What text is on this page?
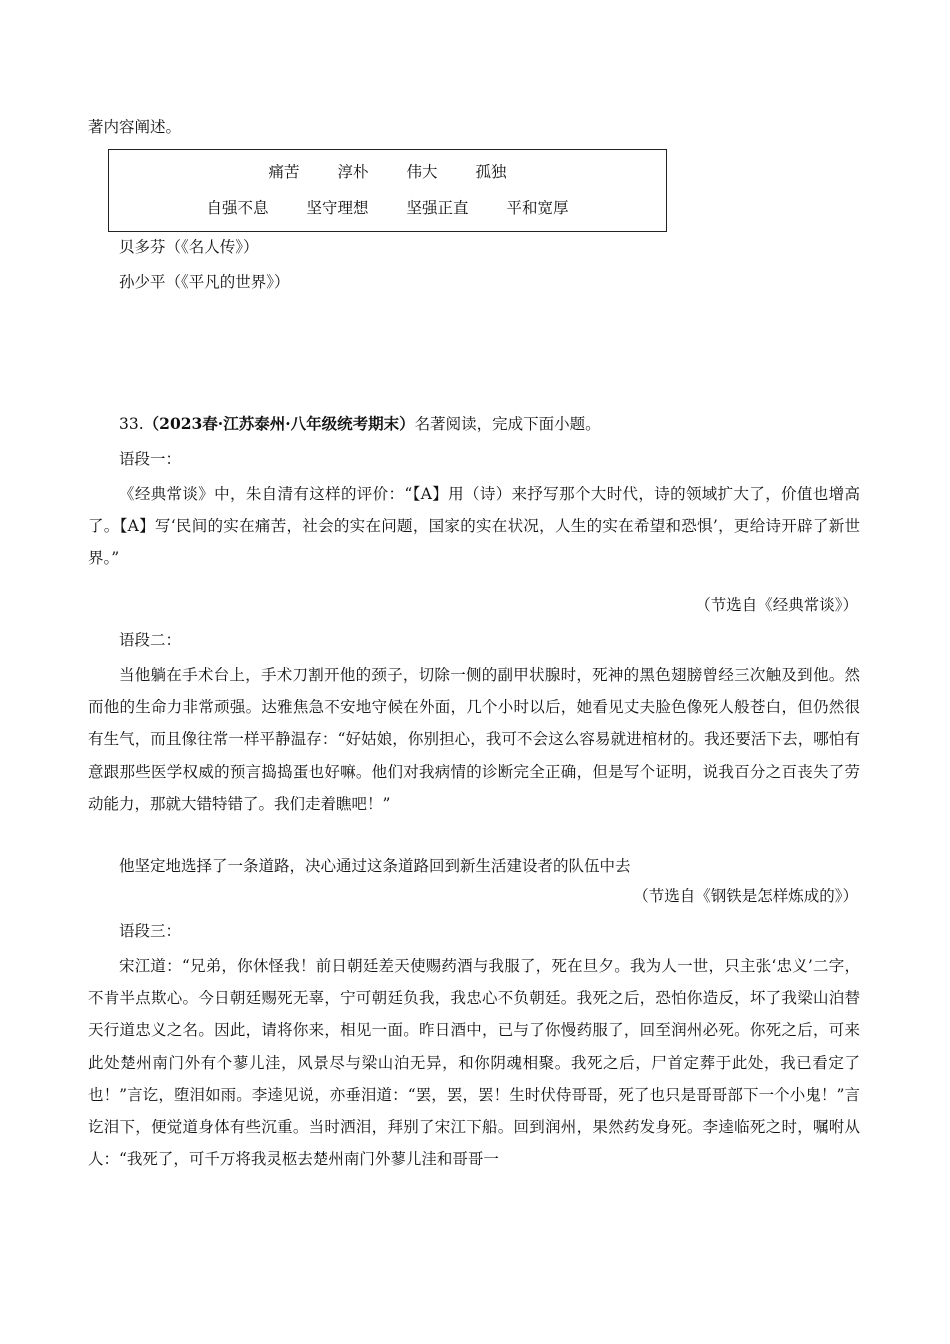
著内容阐述。
痛苦 淳朴 伟大 孤独
自强不息 坚守理想 坚强正直 平和宽厚
贝多芬（《名人传》）
孙少平（《平凡的世界》）
33.（2023春·江苏泰州·八年级统考期末）名著阅读，完成下面小题。
语段一：
《经典常谈》中，朱自清有这样的评价：“【A】用（诗）来抒写那个大时代，诗的领域扩大了，价值也增高了。【A】写‘民间的实在痛苦，社会的实在问题，国家的实在状况，人生的实在希望和恐惧’，更给诗开辟了新世界。”
（节选自《经典常谈》）
语段二：
当他躺在手术台上，手术刀割开他的颈子，切除一侧的副甲状腺时，死神的黑色翅膀曾经三次触及到他。然而他的生命力非常顽强。达雅焦急不安地守候在外面，几个小时以后，她看见丈夫脸色像死人般苍白，但仍然很有生气，而且像往常一样平静温存：“好姑娘，你别担心，我可不会这么容易就进棺材的。我还要活下去，哪怕有意跟那些医学权威的预言捣捣蛋也好嘛。他们对我病情的诊断完全正确，但是写个证明，说我百分之百丧失了劳动能力，那就大错特错了。我们走着瞧吧！”
他坚定地选择了一条道路，决心通过这条道路回到新生活建设者的队伍中去
（节选自《钢铁是怎样炼成的》）
语段三：
宋江道：“兄弟，你休怪我！前日朝廷差天使赐药酒与我服了，死在旦夕。我为人一世，只主张‘忠义’二字，不肯半点欺心。今日朝廷赐死无辜，宁可朝廷负我，我忠心不负朝廷。我死之后，恐怕你造反，坏了我梁山泊替天行道忠义之名。因此，请将你来，相见一面。昨日酒中，已与了你慢药服了，回至润州必死。你死之后，可来此处楚州南门外有个蓼儿洼，风景尽与梁山泊无异，和你阴魂相聚。我死之后，尸首定葬于此处，我已看定了也！”言讫，堕泪如雨。李逵见说，亦垂泪道：“罢，罢，罢！生时伏侍哥哥，死了也只是哥哥部下一个小鬼！”言讫泪下，便觉道身体有些沉重。当时洒泪，拜别了宋江下船。回到润州，果然药发身死。李逵临死之时，嘱咐从人：“我死了，可千万将我灵柩去楚州南门外蓼儿洼和哥哥一
